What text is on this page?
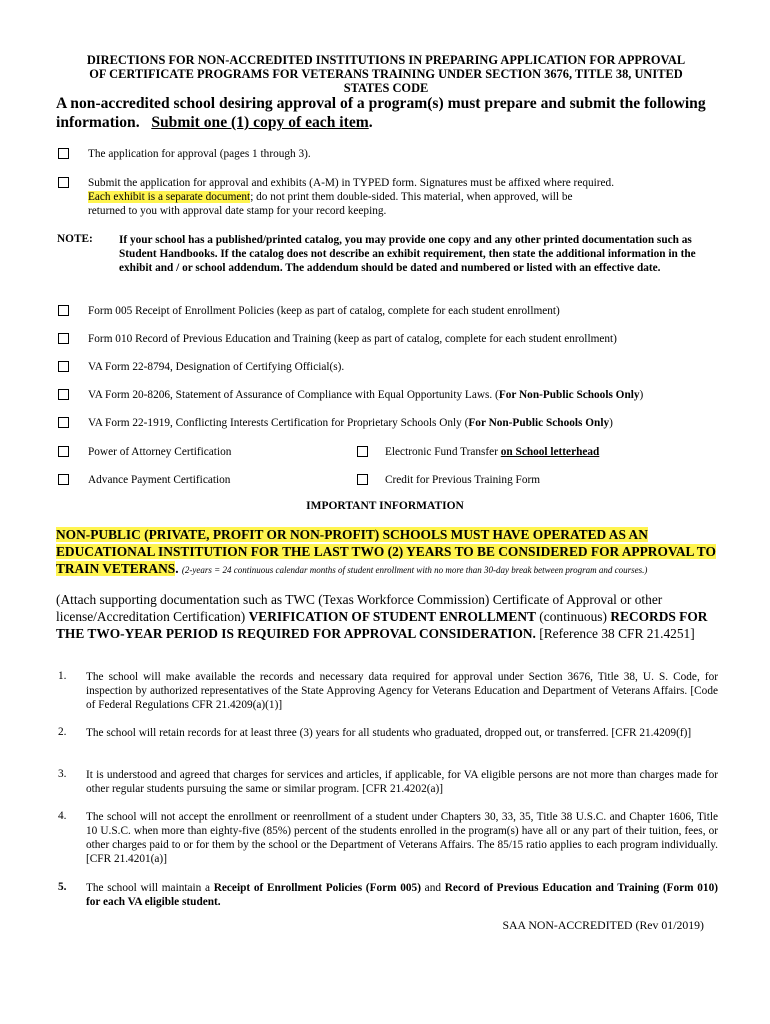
DIRECTIONS FOR NON-ACCREDITED INSTITUTIONS IN PREPARING APPLICATION FOR APPROVAL
OF CERTIFICATE PROGRAMS FOR VETERANS TRAINING UNDER SECTION 3676, TITLE 38, UNITED
STATES CODE
A non-accredited school desiring approval of a program(s) must prepare and submit the following information. Submit one (1) copy of each item.
The application for approval (pages 1 through 3).
Submit the application for approval and exhibits (A-M) in TYPED form. Signatures must be affixed where required.
Each exhibit is a separate document; do not print them double-sided. This material, when approved, will be
returned to you with approval date stamp for your record keeping.
NOTE: If your school has a published/printed catalog, you may provide one copy and any other printed documentation such as Student Handbooks. If the catalog does not describe an exhibit requirement, then state the additional information in the exhibit and / or school addendum. The addendum should be dated and numbered or listed with an effective date.
Form 005 Receipt of Enrollment Policies (keep as part of catalog, complete for each student enrollment)
Form 010 Record of Previous Education and Training (keep as part of catalog, complete for each student enrollment)
VA Form 22-8794, Designation of Certifying Official(s).
VA Form 20-8206, Statement of Assurance of Compliance with Equal Opportunity Laws. (For Non-Public Schools Only)
VA Form 22-1919, Conflicting Interests Certification for Proprietary Schools Only (For Non-Public Schools Only)
Power of Attorney Certification	Electronic Fund Transfer on School letterhead
Advance Payment Certification	Credit for Previous Training Form
IMPORTANT INFORMATION
NON-PUBLIC (PRIVATE, PROFIT OR NON-PROFIT) SCHOOLS MUST HAVE OPERATED AS AN EDUCATIONAL INSTITUTION FOR THE LAST TWO (2) YEARS TO BE CONSIDERED FOR APPROVAL TO TRAIN VETERANS. (2-years = 24 continuous calendar months of student enrollment with no more than 30-day break between program and courses.)
(Attach supporting documentation such as TWC (Texas Workforce Commission) Certificate of Approval or other license/Accreditation Certification) VERIFICATION OF STUDENT ENROLLMENT (continuous) RECORDS FOR THE TWO-YEAR PERIOD IS REQUIRED FOR APPROVAL CONSIDERATION. [Reference 38 CFR 21.4251]
1. The school will make available the records and necessary data required for approval under Section 3676, Title 38, U. S. Code, for inspection by authorized representatives of the State Approving Agency for Veterans Education and Department of Veterans Affairs. [Code of Federal Regulations CFR 21.4209(a)(1)]
2. The school will retain records for at least three (3) years for all students who graduated, dropped out, or transferred. [CFR 21.4209(f)]
3. It is understood and agreed that charges for services and articles, if applicable, for VA eligible persons are not more than charges made for other regular students pursuing the same or similar program. [CFR 21.4202(a)]
4. The school will not accept the enrollment or reenrollment of a student under Chapters 30, 33, 35, Title 38 U.S.C. and Chapter 1606, Title 10 U.S.C. when more than eighty-five (85%) percent of the students enrolled in the program(s) have all or any part of their tuition, fees, or other charges paid to or for them by the school or the Department of Veterans Affairs. The 85/15 ratio applies to each program individually. [CFR 21.4201(a)]
5. The school will maintain a Receipt of Enrollment Policies (Form 005) and Record of Previous Education and Training (Form 010) for each VA eligible student.
SAA NON-ACCREDITED (Rev 01/2019)
